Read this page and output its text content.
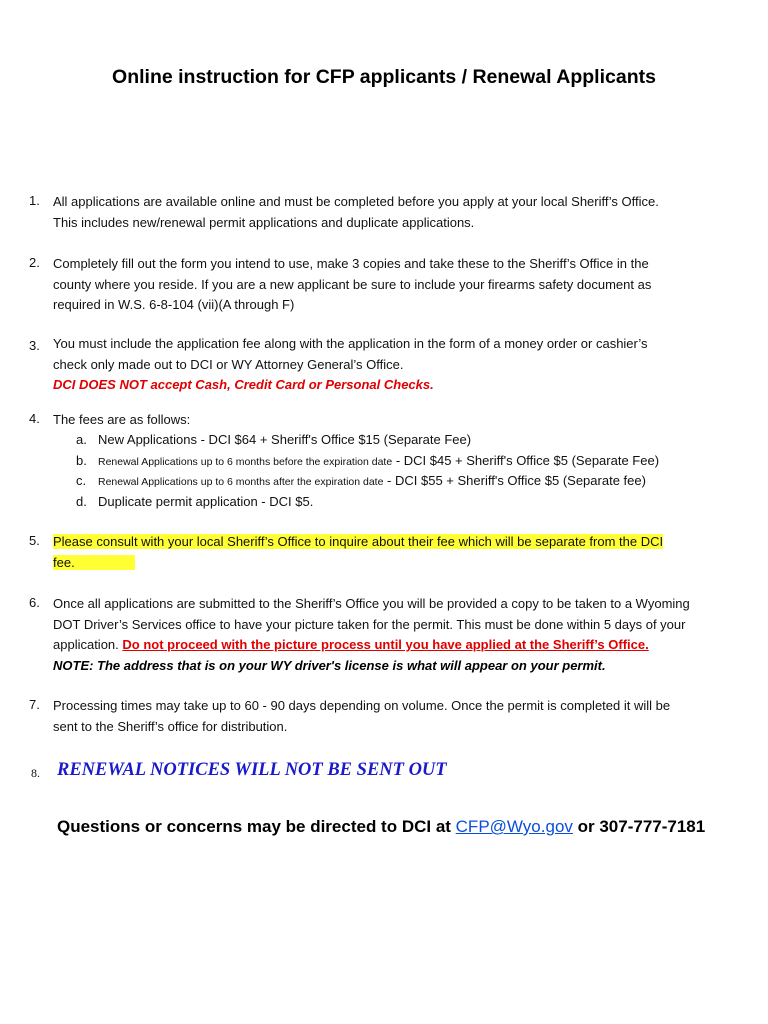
Online instruction for CFP applicants / Renewal Applicants
1. All applications are available online and must be completed before you apply at your local Sheriff’s Office.
This includes new/renewal permit applications and duplicate applications.
2. Completely fill out the form you intend to use, make 3 copies and take these to the Sheriff’s Office in the
county where you reside. If you are a new applicant be sure to include your firearms safety document as
required in W.S. 6-8-104 (vii)(A through F)
3. You must include the application fee along with the application in the form of a money order or cashier’s
check only made out to DCI or WY Attorney General’s Office.
DCI DOES NOT accept Cash, Credit Card or Personal Checks.
4. The fees are as follows:
a. New Applications - DCI $64 + Sheriff's Office $15 (Separate Fee)
b. Renewal Applications up to 6 months before the expiration date - DCI $45 + Sheriff's Office $5 (Separate Fee)
c. Renewal Applications up to 6 months after the expiration date - DCI $55 + Sheriff's Office $5 (Separate fee)
d. Duplicate permit application - DCI $5.
5. Please consult with your local Sheriff’s Office to inquire about their fee which will be separate from the DCI
fee.
6. Once all applications are submitted to the Sheriff’s Office you will be provided a copy to be taken to a Wyoming
DOT Driver’s Services office to have your picture taken for the permit. This must be done within 5 days of your
application. Do not proceed with the picture process until you have applied at the Sheriff’s Office.
NOTE: The address that is on your WY driver's license is what will appear on your permit.
7. Processing times may take up to 60 - 90 days depending on volume. Once the permit is completed it will be
sent to the Sheriff’s office for distribution.
8. RENEWAL NOTICES WILL NOT BE SENT OUT
Questions or concerns may be directed to DCI at CFP@Wyo.gov or 307-777-7181
